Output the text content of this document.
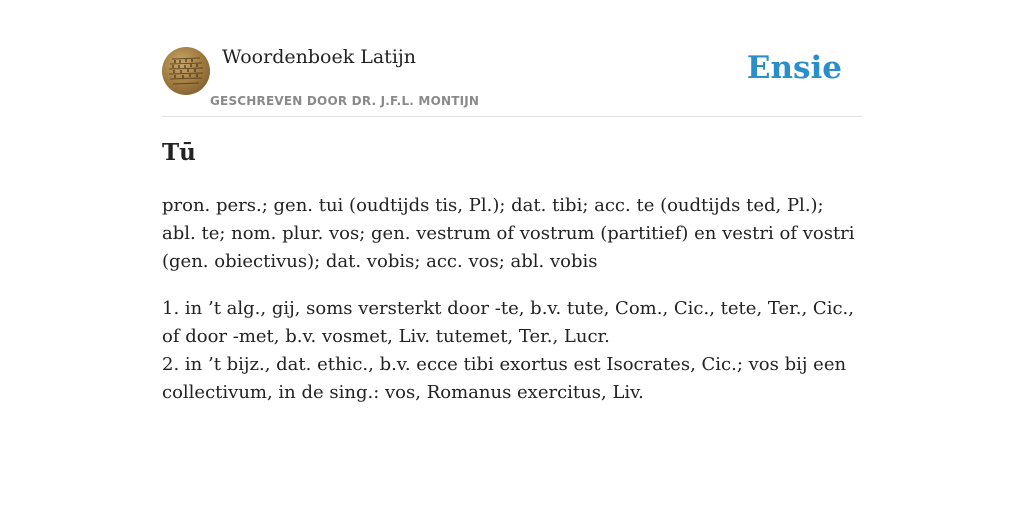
Woordenboek Latijn
GESCHREVEN DOOR DR. J.F.L. MONTIJN
Ensie
Tū

pron. pers.; gen. tui (oudtijds tis, Pl.); dat. tibi; acc. te (oudtijds ted, Pl.); abl. te; nom. plur. vos; gen. vestrum of vostrum (partitief) en vestri of vostri (gen. obiectivus); dat. vobis; acc. vos; abl. vobis

1. in ’t alg., gij, soms versterkt door -te, b.v. tute, Com., Cic., tete, Ter., Cic., of door -met, b.v. vosmet, Liv. tutemet, Ter., Lucr.
2. in ’t bijz., dat. ethic., b.v. ecce tibi exortus est Isocrates, Cic.; vos bij een collectivum, in de sing.: vos, Romanus exercitus, Liv.
